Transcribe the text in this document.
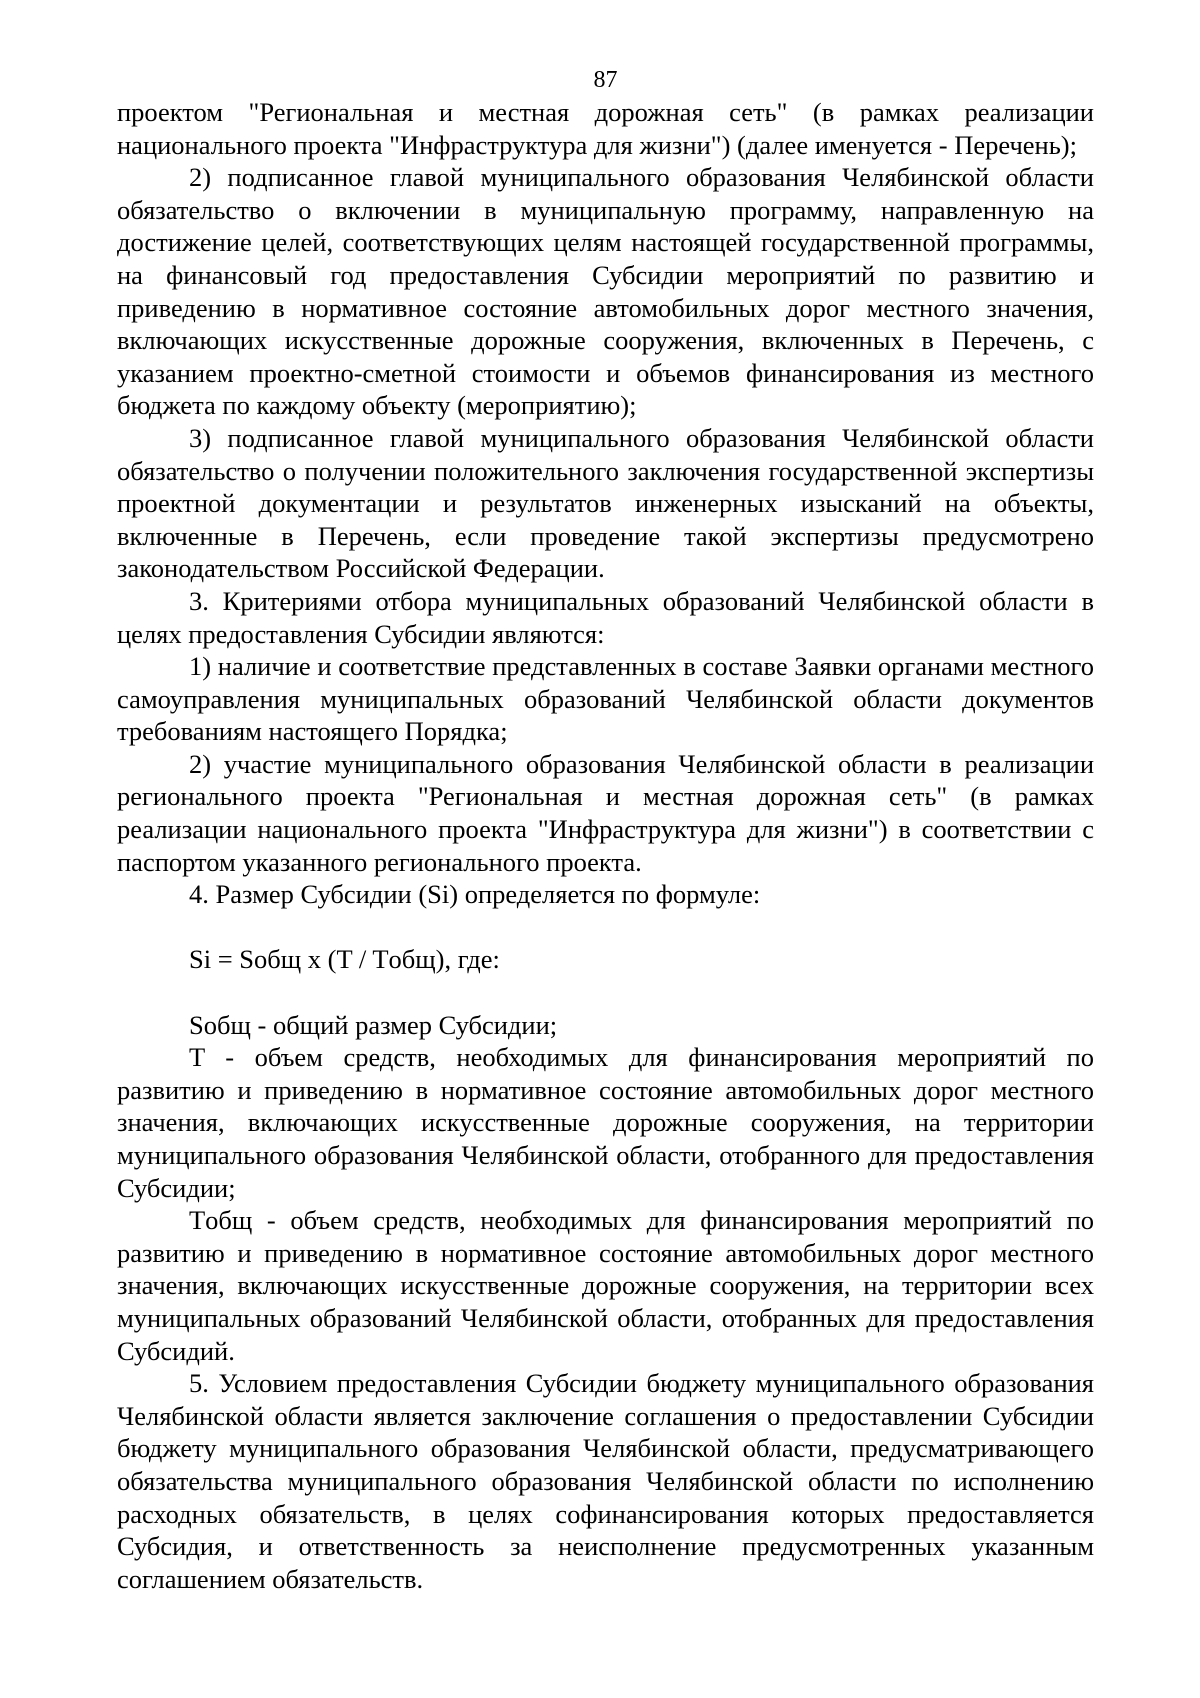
87

проектом "Региональная и местная дорожная сеть" (в рамках реализации национального проекта "Инфраструктура для жизни") (далее именуется - Перечень);

2) подписанное главой муниципального образования Челябинской области обязательство о включении в муниципальную программу, направленную на достижение целей, соответствующих целям настоящей государственной программы, на финансовый год предоставления Субсидии мероприятий по развитию и приведению в нормативное состояние автомобильных дорог местного значения, включающих искусственные дорожные сооружения, включенных в Перечень, с указанием проектно-сметной стоимости и объемов финансирования из местного бюджета по каждому объекту (мероприятию);

3) подписанное главой муниципального образования Челябинской области обязательство о получении положительного заключения государственной экспертизы проектной документации и результатов инженерных изысканий на объекты, включенные в Перечень, если проведение такой экспертизы предусмотрено законодательством Российской Федерации.

3. Критериями отбора муниципальных образований Челябинской области в целях предоставления Субсидии являются:

1) наличие и соответствие представленных в составе Заявки органами местного самоуправления муниципальных образований Челябинской области документов требованиям настоящего Порядка;

2) участие муниципального образования Челябинской области в реализации регионального проекта "Региональная и местная дорожная сеть" (в рамках реализации национального проекта "Инфраструктура для жизни") в соответствии с паспортом указанного регионального проекта.

4. Размер Субсидии (Si) определяется по формуле:

Si = Sобщ x (T / Tобщ), где:

Sобщ - общий размер Субсидии;

T - объем средств, необходимых для финансирования мероприятий по развитию и приведению в нормативное состояние автомобильных дорог местного значения, включающих искусственные дорожные сооружения, на территории муниципального образования Челябинской области, отобранного для предоставления Субсидии;

Tобщ - объем средств, необходимых для финансирования мероприятий по развитию и приведению в нормативное состояние автомобильных дорог местного значения, включающих искусственные дорожные сооружения, на территории всех муниципальных образований Челябинской области, отобранных для предоставления Субсидий.

5. Условием предоставления Субсидии бюджету муниципального образования Челябинской области является заключение соглашения о предоставлении Субсидии бюджету муниципального образования Челябинской области, предусматривающего обязательства муниципального образования Челябинской области по исполнению расходных обязательств, в целях софинансирования которых предоставляется Субсидия, и ответственность за неисполнение предусмотренных указанным соглашением обязательств.
